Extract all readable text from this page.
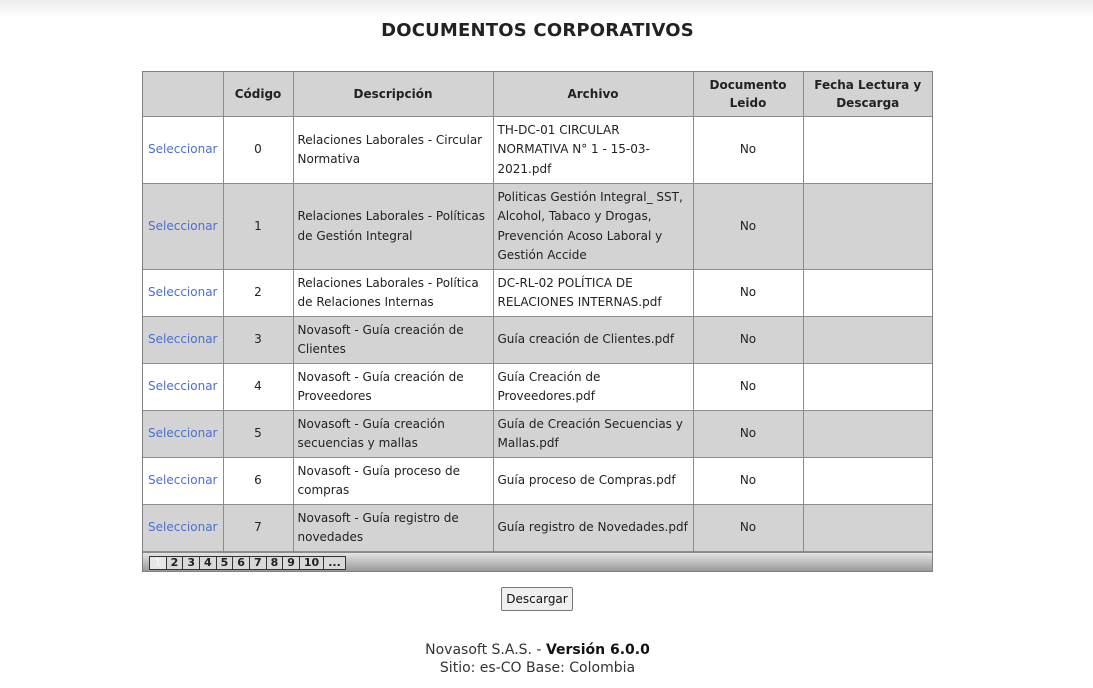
DOCUMENTOS CORPORATIVOS
	Código	Descripción	Archivo	Documento Leido	Fecha Lectura y Descarga
Seleccionar	0	Relaciones Laborales - Circular Normativa	TH-DC-01 CIRCULAR NORMATIVA N° 1 - 15-03-2021.pdf	No	
Seleccionar	1	Relaciones Laborales - Políticas de Gestión Integral	Politicas Gestión Integral_ SST, Alcohol, Tabaco y Drogas, Prevención Acoso Laboral y Gestión Accide	No	
Seleccionar	2	Relaciones Laborales - Política de Relaciones Internas	DC-RL-02 POLÍTICA DE RELACIONES INTERNAS.pdf	No	
Seleccionar	3	Novasoft - Guía creación de Clientes	Guía creación de Clientes.pdf	No	
Seleccionar	4	Novasoft - Guía creación de Proveedores	Guía Creación de Proveedores.pdf	No	
Seleccionar	5	Novasoft - Guía creación secuencias y mallas	Guía de Creación Secuencias y Mallas.pdf	No	
Seleccionar	6	Novasoft - Guía proceso de compras	Guía proceso de Compras.pdf	No	
Seleccionar	7	Novasoft - Guía registro de novedades	Guía registro de Novedades.pdf	No	
1 2 3 4 5 6 7 8 9 10 ...
Descargar
Novasoft S.A.S. - Versión 6.0.0
Sitio: es-CO Base: Colombia
